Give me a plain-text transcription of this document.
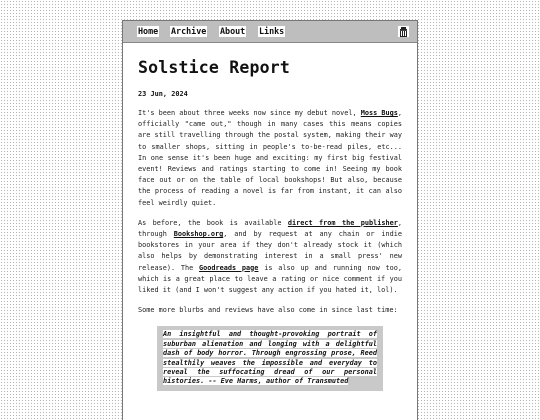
Home Archive About Links
Solstice Report
23 Jun, 2024

It's been about three weeks now since my debut novel, Moss Bugs, officially "came out," though in many cases this means copies are still travelling through the postal system, making their way to smaller shops, sitting in people's to-be-read piles, etc... In one sense it's been huge and exciting: my first big festival event! Reviews and ratings starting to come in! Seeing my book face out or on the table of local bookshops! But also, because the process of reading a novel is far from instant, it can also feel weirdly quiet.

As before, the book is available direct from the publisher, through Bookshop.org, and by request at any chain or indie bookstores in your area if they don't already stock it (which also helps by demonstrating interest in a small press' new release). The Goodreads page is also up and running now too, which is a great place to leave a rating or nice comment if you liked it (and I won't suggest any action if you hated it, lol).

Some more blurbs and reviews have also come in since last time:

An insightful and thought-provoking portrait of suburban alienation and longing with a delightful dash of body horror. Through engrossing prose, Reed stealthily weaves the impossible and everyday to reveal the suffocating dread of our personal histories. -- Eve Harms, author of Transmuted
